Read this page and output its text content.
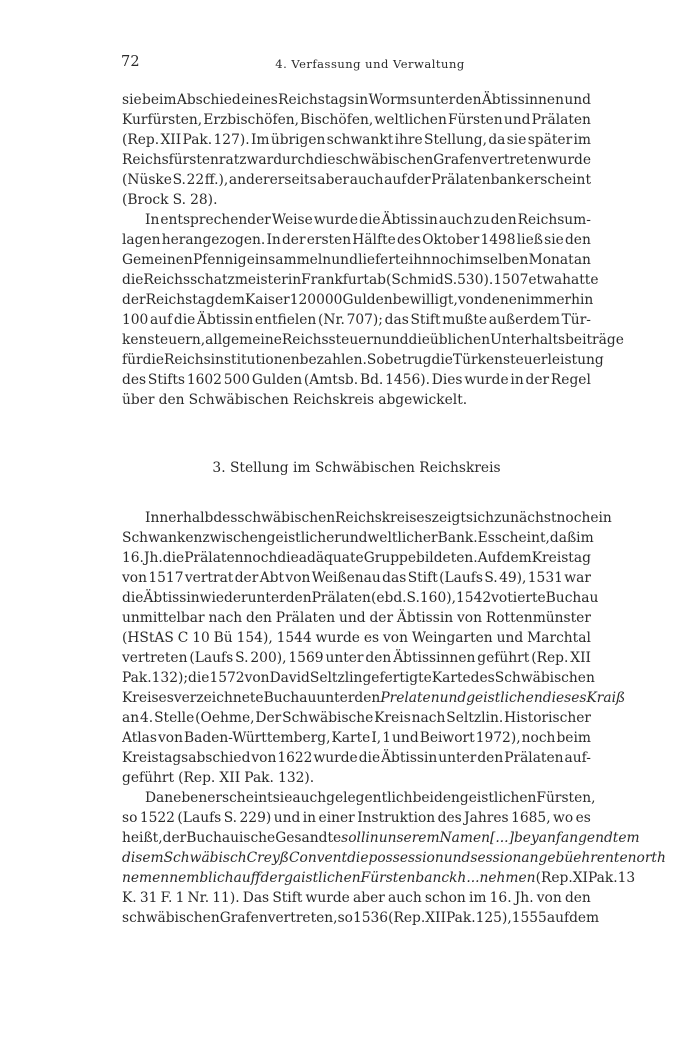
72	4. Verfassung und Verwaltung
sie beim Abschied eines Reichstags in Worms unter den Äbtissinnen und
Kurfürsten, Erzbischöfen, Bischöfen, weltlichen Fürsten und Prälaten
(Rep. XII Pak. 127). Im übrigen schwankt ihre Stellung, da sie später im
Reichsfürstenrat zwar durch die schwäbischen Grafen vertreten wurde
(Nüske S. 22 ff.), andererseits aber auch auf der Prälatenbank erscheint
(Brock S. 28).
In entsprechender Weise wurde die Äbtissin auch zu den Reichsum-
lagen herangezogen. In der ersten Hälfte des Oktober 1498 ließ sie den
Gemeinen Pfennig einsammeln und lieferte ihn noch im selben Monat an
die Reichsschatzmeister in Frankfurt ab (Schmid S. 530). 1507 etwa hatte
der Reichstag dem Kaiser 120 000 Gulden bewilligt, von denen immerhin
100 auf die Äbtissin entfielen (Nr. 707); das Stift mußte außerdem Tür-
kensteuern, allgemeine Reichssteuern und die üblichen Unterhaltsbeiträge
für die Reichsinstitutionen bezahlen. So betrug die Türkensteuerleistung
des Stifts 1602 500 Gulden (Amtsb. Bd. 1456). Dies wurde in der Regel
über den Schwäbischen Reichskreis abgewickelt.
3. Stellung im Schwäbischen Reichskreis
Innerhalb des schwäbischen Reichskreises zeigt sich zunächst noch ein
Schwanken zwischen geistlicher und weltlicher Bank. Es scheint, daß im
16. Jh. die Prälaten noch die adäquate Gruppe bildeten. Auf dem Kreistag
von 1517 vertrat der Abt von Weißenau das Stift (Laufs S. 49), 1531 war
die Äbtissin wieder unter den Prälaten (ebd. S. 160), 1542 votierte Buchau
unmittelbar nach den Prälaten und der Äbtissin von Rottenmünster
(HStAS C 10 Bü 154), 1544 wurde es von Weingarten und Marchtal
vertreten (Laufs S. 200), 1569 unter den Äbtissinnen geführt (Rep. XII
Pak. 132); die 1572 von David Seltzlin gefertigte Karte des Schwäbischen
Kreises verzeichnete Buchau unter den Prelaten und geistlichen dieses Kraiß
an 4. Stelle (Oehme, Der Schwäbische Kreis nach Seltzlin. Historischer
Atlas von Baden-Württemberg, Karte I, 1 und Beiwort 1972), noch beim
Kreistagsabschied von 1622 wurde die Äbtissin unter den Prälaten auf-
geführt (Rep. XII Pak. 132).
Daneben erscheint sie auch gelegentlich bei den geistlichen Fürsten,
so 1522 (Laufs S. 229) und in einer Instruktion des Jahres 1685, wo es
heißt, der Buchauische Gesandte soll in unserem Namen [ ... ] bey anfangendtem
disem Schwäbisch Creyß Convent die possession und session an gebüehrenten orth
nemen nemblich auff der gaistlichen Fürstenbanckh ... nehmen (Rep. XI Pak. 13
K. 31 F. 1 Nr. 11). Das Stift wurde aber auch schon im 16. Jh. von den
schwäbischen Grafen vertreten, so 1536 (Rep. XII Pak. 125), 1555 auf dem
